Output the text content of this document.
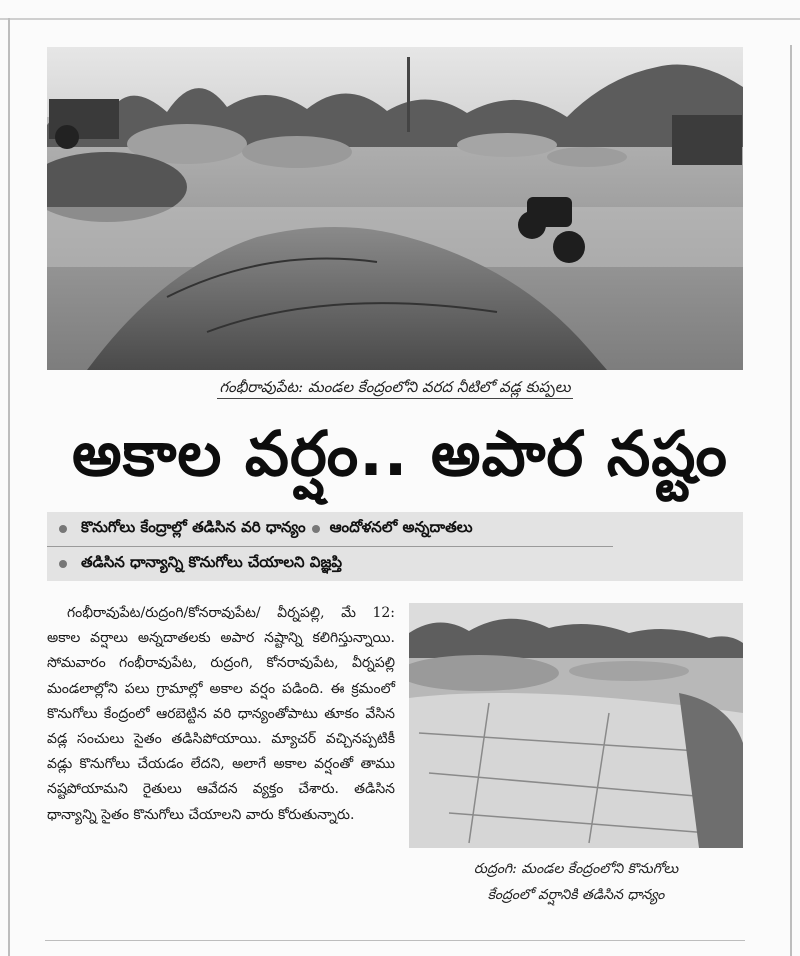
గంభీరావుపేట: మండల కేంద్రంలోని వరద నీటిలో వడ్ల కుప్పలు
అకాల వర్షం.. అపార నష్టం
కొనుగోలు కేంద్రాల్లో తడిసిన వరి ధాన్యం ఆందోళనలో అన్నదాతలు
తడిసిన ధాన్యాన్ని కొనుగోలు చేయాలని విజ్ఞప్తి
గంభీరావుపేట/రుద్రంగి/కోనరావుపేట/ వీర్నపల్లి, మే 12: అకాల వర్షాలు అన్నదాతలకు అపార నష్టాన్ని కలిగిస్తున్నాయి. సోమవారం గంభీరావుపేట, రుద్రంగి, కోనరావుపేట, వీర్నపల్లి మండలాల్లోని పలు గ్రామాల్లో అకాల వర్షం పడింది. ఈ క్రమంలో కొనుగోలు కేంద్రంలో ఆరబెట్టిన వరి ధాన్యంతోపాటు తూకం వేసిన వడ్ల సంచులు సైతం తడిసిపోయాయి. మ్యాచర్ వచ్చినప్పటికీ వడ్లు కొనుగోలు చేయడం లేదని, అలాగే అకాల వర్షంతో తాము నష్టపోయామని రైతులు ఆవేదన వ్యక్తం చేశారు. తడిసిన ధాన్యాన్ని సైతం కొనుగోలు చేయాలని వారు కోరుతున్నారు.
రుద్రంగి: మండల కేంద్రంలోని కొనుగోలు
కేంద్రంలో వర్షానికి తడిసిన ధాన్యం
